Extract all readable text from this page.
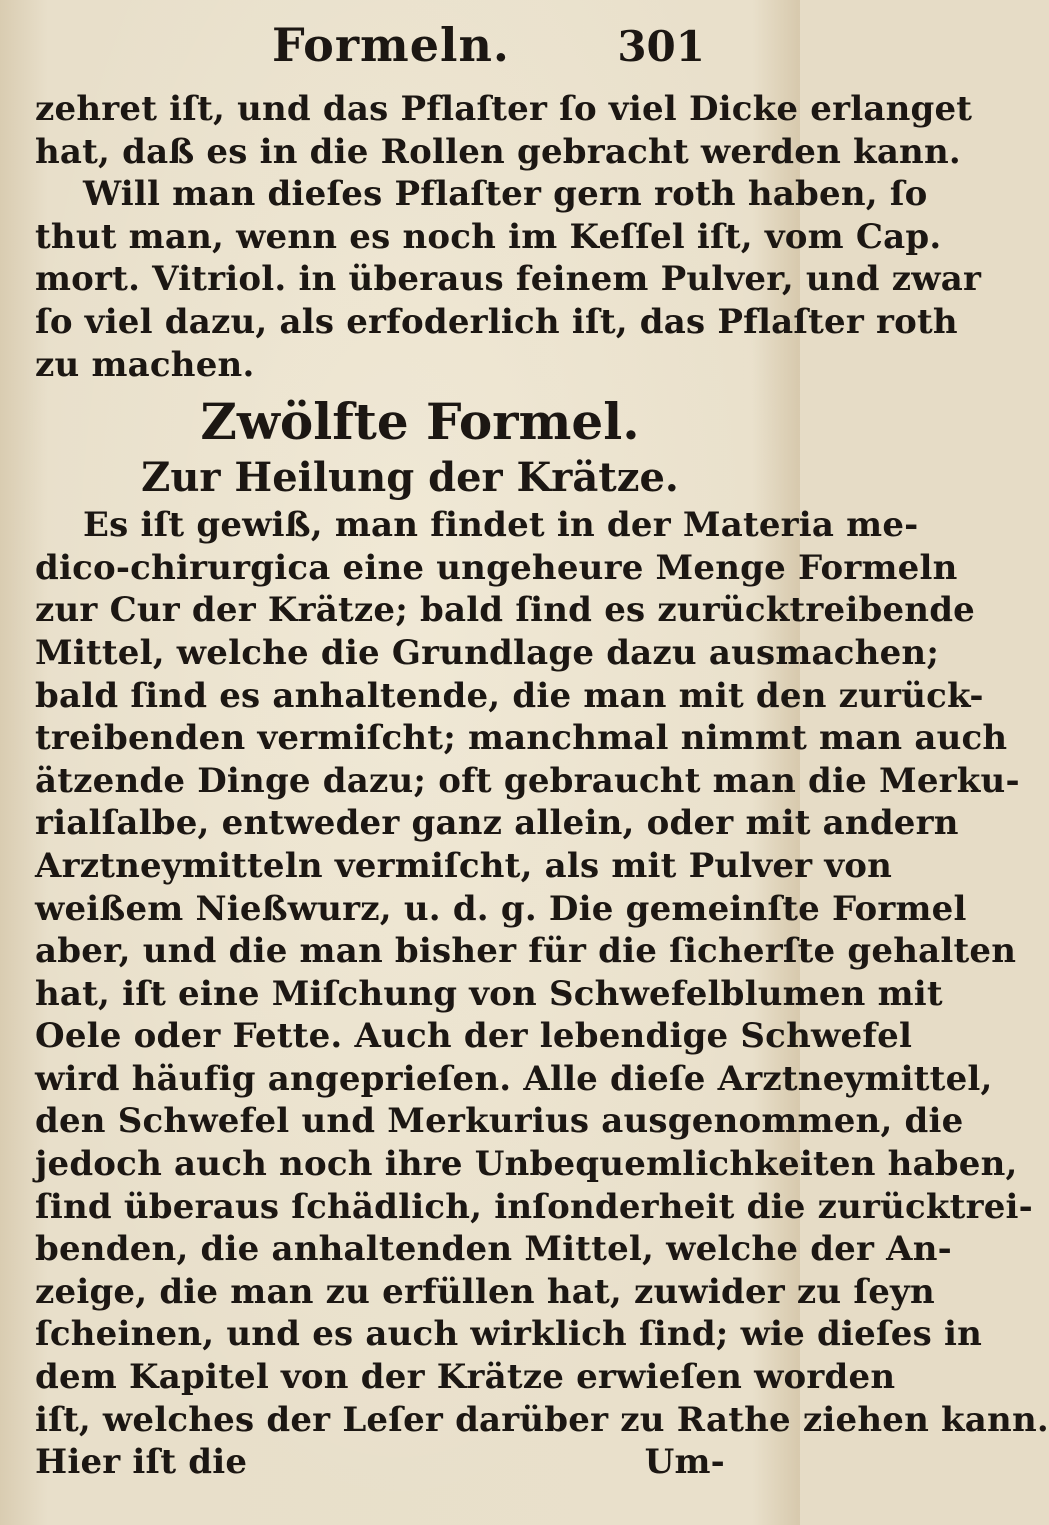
Formeln.	301
zehret iſt, und das Pflaſter ſo viel Dicke erlanget
hat, daß es in die Rollen gebracht werden kann.
Will man dieſes Pflaſter gern roth haben, ſo
thut man, wenn es noch im Keſſel iſt, vom Cap.
mort. Vitriol. in überaus feinem Pulver, und zwar
ſo viel dazu, als erfoderlich iſt, das Pflaſter roth
zu machen.
Zwölfte Formel.
Zur Heilung der Krätze.
Es iſt gewiß, man findet in der Materia me-
dico-chirurgica eine ungeheure Menge Formeln
zur Cur der Krätze; bald ſind es zurücktreibende
Mittel, welche die Grundlage dazu ausmachen;
bald ſind es anhaltende, die man mit den zurück-
treibenden vermiſcht; manchmal nimmt man auch
ätzende Dinge dazu; oft gebraucht man die Merku-
rialſalbe, entweder ganz allein, oder mit andern
Arztneymitteln vermiſcht, als mit Pulver von
weißem Nießwurz, u. d. g. Die gemeinſte Formel
aber, und die man bisher für die ſicherſte gehalten
hat, iſt eine Miſchung von Schwefelblumen mit
Oele oder Fette. Auch der lebendige Schwefel
wird häufig angeprieſen. Alle dieſe Arztneymittel,
den Schwefel und Merkurius ausgenommen, die
jedoch auch noch ihre Unbequemlichkeiten haben,
ſind überaus ſchädlich, inſonderheit die zurücktrei-
benden, die anhaltenden Mittel, welche der An-
zeige, die man zu erfüllen hat, zuwider zu ſeyn
ſcheinen, und es auch wirklich ſind; wie dieſes in
dem Kapitel von der Krätze erwieſen worden
iſt, welches der Leſer darüber zu Rathe ziehen kann.
Hier iſt die	Um-
